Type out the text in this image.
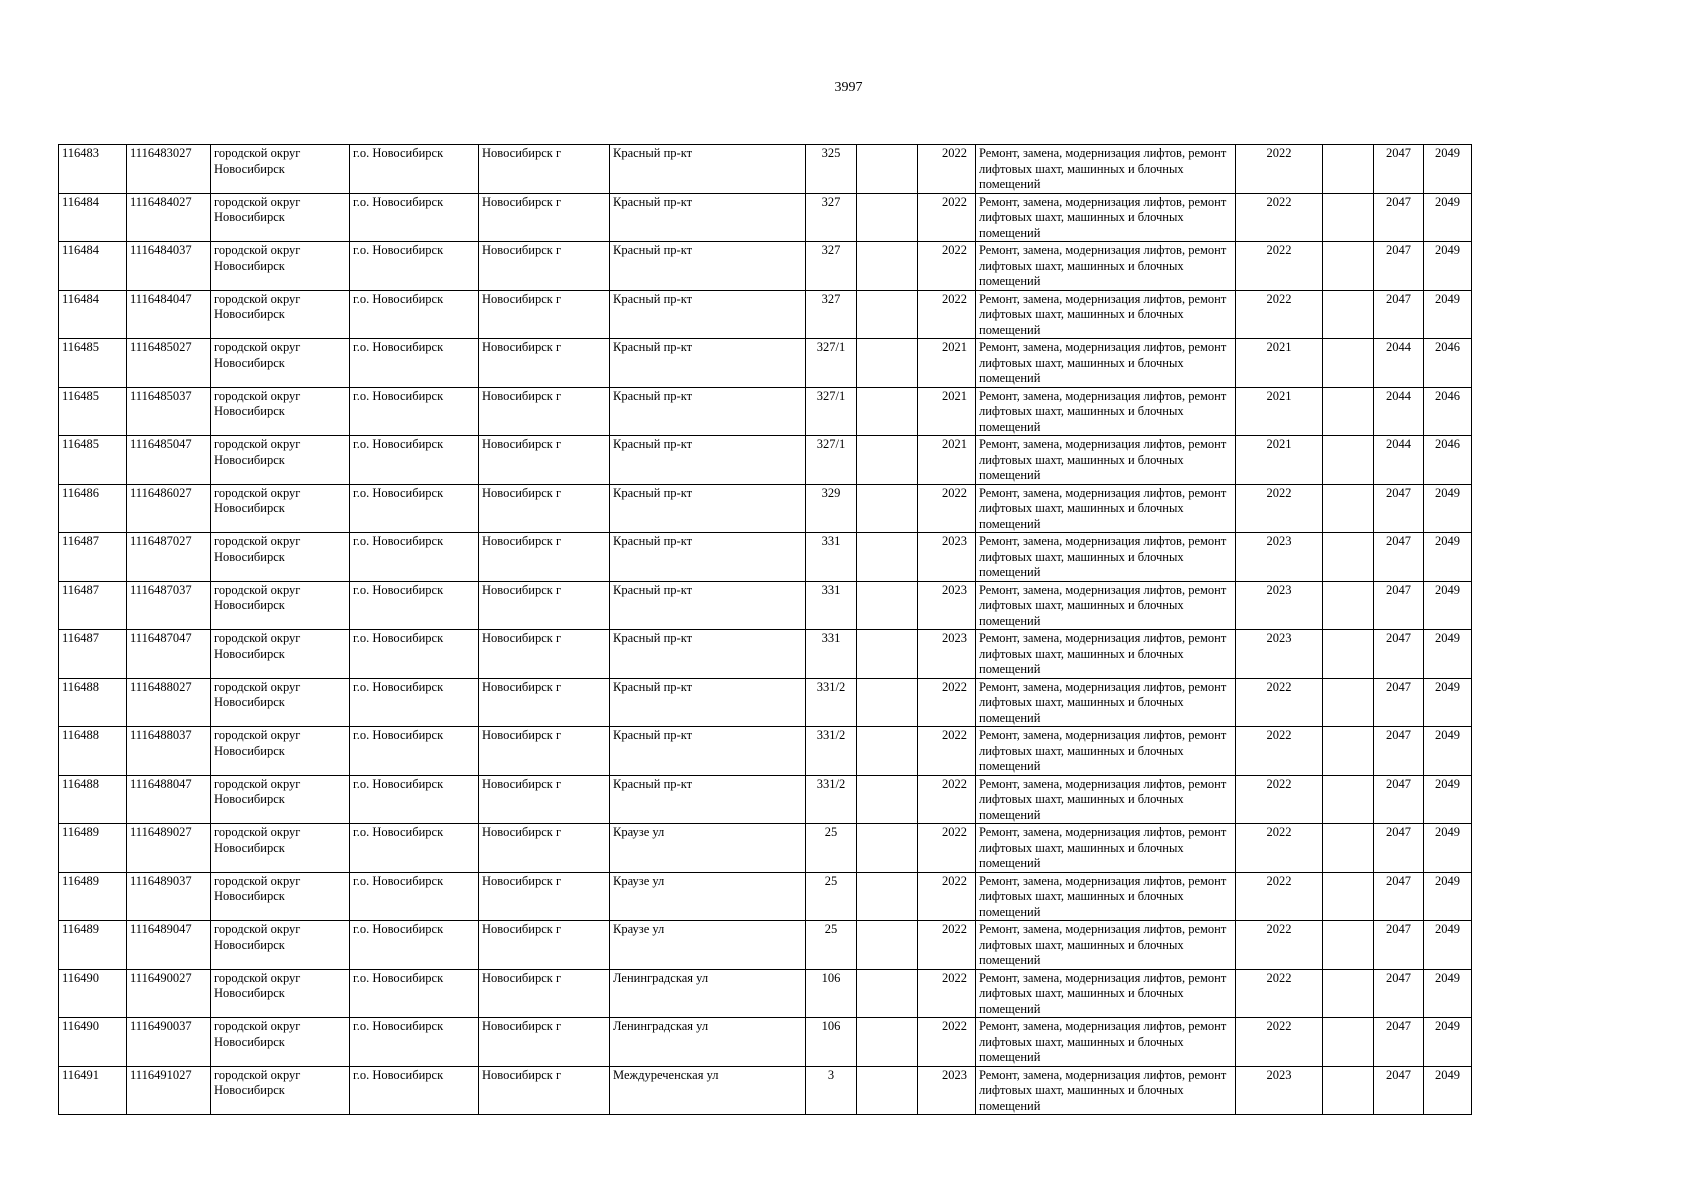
3997
116483	1116483027	городской округ Новосибирск	г.о. Новосибирск	Новосибирск г	Красный пр-кт	325		2022	Ремонт, замена, модернизация лифтов, ремонт лифтовых шахт, машинных и блочных помещений	2022		2047	2049
116484	1116484027	городской округ Новосибирск	г.о. Новосибирск	Новосибирск г	Красный пр-кт	327		2022	Ремонт, замена, модернизация лифтов, ремонт лифтовых шахт, машинных и блочных помещений	2022		2047	2049
116484	1116484037	городской округ Новосибирск	г.о. Новосибирск	Новосибирск г	Красный пр-кт	327		2022	Ремонт, замена, модернизация лифтов, ремонт лифтовых шахт, машинных и блочных помещений	2022		2047	2049
116484	1116484047	городской округ Новосибирск	г.о. Новосибирск	Новосибирск г	Красный пр-кт	327		2022	Ремонт, замена, модернизация лифтов, ремонт лифтовых шахт, машинных и блочных помещений	2022		2047	2049
116485	1116485027	городской округ Новосибирск	г.о. Новосибирск	Новосибирск г	Красный пр-кт	327/1		2021	Ремонт, замена, модернизация лифтов, ремонт лифтовых шахт, машинных и блочных помещений	2021		2044	2046
116485	1116485037	городской округ Новосибирск	г.о. Новосибирск	Новосибирск г	Красный пр-кт	327/1		2021	Ремонт, замена, модернизация лифтов, ремонт лифтовых шахт, машинных и блочных помещений	2021		2044	2046
116485	1116485047	городской округ Новосибирск	г.о. Новосибирск	Новосибирск г	Красный пр-кт	327/1		2021	Ремонт, замена, модернизация лифтов, ремонт лифтовых шахт, машинных и блочных помещений	2021		2044	2046
116486	1116486027	городской округ Новосибирск	г.о. Новосибирск	Новосибирск г	Красный пр-кт	329		2022	Ремонт, замена, модернизация лифтов, ремонт лифтовых шахт, машинных и блочных помещений	2022		2047	2049
116487	1116487027	городской округ Новосибирск	г.о. Новосибирск	Новосибирск г	Красный пр-кт	331		2023	Ремонт, замена, модернизация лифтов, ремонт лифтовых шахт, машинных и блочных помещений	2023		2047	2049
116487	1116487037	городской округ Новосибирск	г.о. Новосибирск	Новосибирск г	Красный пр-кт	331		2023	Ремонт, замена, модернизация лифтов, ремонт лифтовых шахт, машинных и блочных помещений	2023		2047	2049
116487	1116487047	городской округ Новосибирск	г.о. Новосибирск	Новосибирск г	Красный пр-кт	331		2023	Ремонт, замена, модернизация лифтов, ремонт лифтовых шахт, машинных и блочных помещений	2023		2047	2049
116488	1116488027	городской округ Новосибирск	г.о. Новосибирск	Новосибирск г	Красный пр-кт	331/2		2022	Ремонт, замена, модернизация лифтов, ремонт лифтовых шахт, машинных и блочных помещений	2022		2047	2049
116488	1116488037	городской округ Новосибирск	г.о. Новосибирск	Новосибирск г	Красный пр-кт	331/2		2022	Ремонт, замена, модернизация лифтов, ремонт лифтовых шахт, машинных и блочных помещений	2022		2047	2049
116488	1116488047	городской округ Новосибирск	г.о. Новосибирск	Новосибирск г	Красный пр-кт	331/2		2022	Ремонт, замена, модернизация лифтов, ремонт лифтовых шахт, машинных и блочных помещений	2022		2047	2049
116489	1116489027	городской округ Новосибирск	г.о. Новосибирск	Новосибирск г	Краузе ул	25		2022	Ремонт, замена, модернизация лифтов, ремонт лифтовых шахт, машинных и блочных помещений	2022		2047	2049
116489	1116489037	городской округ Новосибирск	г.о. Новосибирск	Новосибирск г	Краузе ул	25		2022	Ремонт, замена, модернизация лифтов, ремонт лифтовых шахт, машинных и блочных помещений	2022		2047	2049
116489	1116489047	городской округ Новосибирск	г.о. Новосибирск	Новосибирск г	Краузе ул	25		2022	Ремонт, замена, модернизация лифтов, ремонт лифтовых шахт, машинных и блочных помещений	2022		2047	2049
116490	1116490027	городской округ Новосибирск	г.о. Новосибирск	Новосибирск г	Ленинградская ул	106		2022	Ремонт, замена, модернизация лифтов, ремонт лифтовых шахт, машинных и блочных помещений	2022		2047	2049
116490	1116490037	городской округ Новосибирск	г.о. Новосибирск	Новосибирск г	Ленинградская ул	106		2022	Ремонт, замена, модернизация лифтов, ремонт лифтовых шахт, машинных и блочных помещений	2022		2047	2049
116491	1116491027	городской округ Новосибирск	г.о. Новосибирск	Новосибирск г	Междуреченская ул	3		2023	Ремонт, замена, модернизация лифтов, ремонт лифтовых шахт, машинных и блочных помещений	2023		2047	2049
